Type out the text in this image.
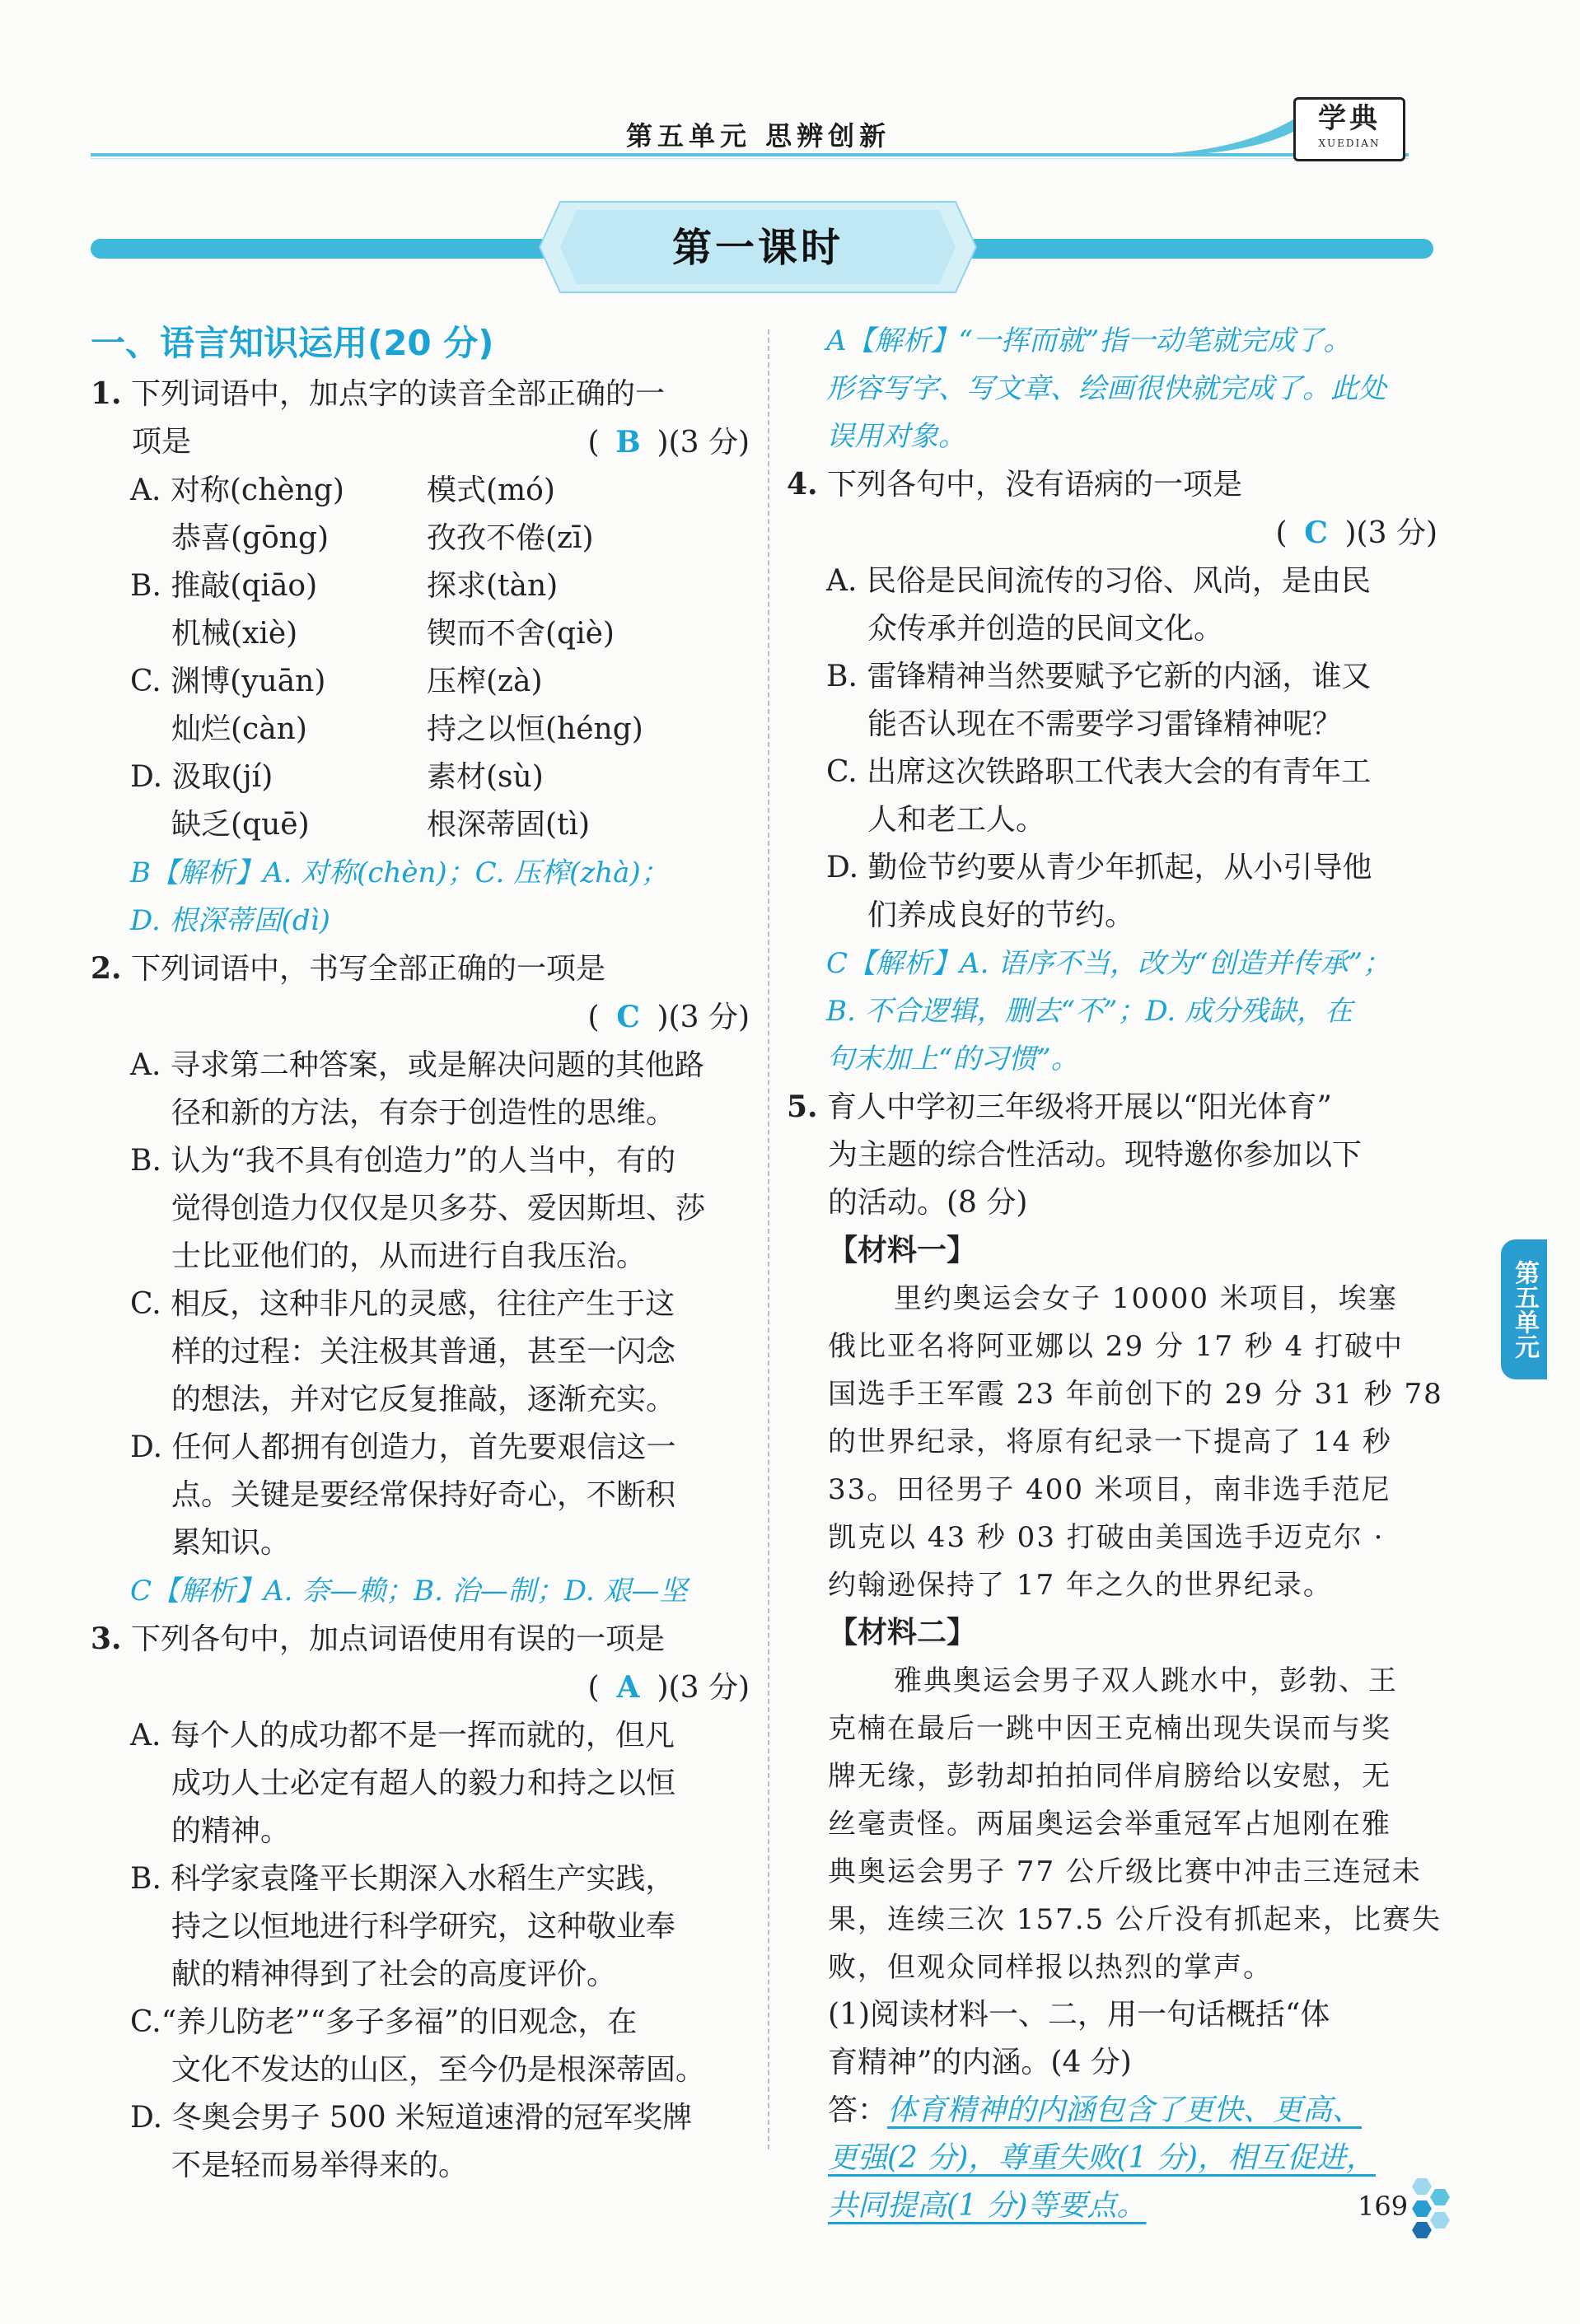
第五单元 思辨创新
学典
XUEDIAN
第一课时
一、语言知识运用(20 分)
1. 下列词语中，加点字的读音全部正确的一
项是	( B )(3 分)
A. 对称(chèng)	模式(mó)
恭喜(gōng)	孜孜不倦(zī)
B. 推敲(qiāo)	探求(tàn)
机械(xiè)	锲而不舍(qiè)
C. 渊博(yuān)	压榨(zà)
灿烂(càn)	持之以恒(héng)
D. 汲取(jí)	素材(sù)
缺乏(quē)	根深蒂固(tì)
B【解析】A. 对称(chèn)；C. 压榨(zhà)；
D. 根深蒂固(dì)
2. 下列词语中，书写全部正确的一项是
( C )(3 分)
A. 寻求第二种答案，或是解决问题的其他路
径和新的方法，有奈于创造性的思维。
B. 认为“我不具有创造力”的人当中，有的
觉得创造力仅仅是贝多芬、爱因斯坦、莎
士比亚他们的，从而进行自我压治。
C. 相反，这种非凡的灵感，往往产生于这
样的过程：关注极其普通，甚至一闪念
的想法，并对它反复推敲，逐渐充实。
D. 任何人都拥有创造力，首先要艰信这一
点。关键是要经常保持好奇心，不断积
累知识。
C【解析】A. 奈—赖；B. 治—制；D. 艰—坚
3. 下列各句中，加点词语使用有误的一项是
( A )(3 分)
A. 每个人的成功都不是一挥而就的，但凡
成功人士必定有超人的毅力和持之以恒
的精神。
B. 科学家袁隆平长期深入水稻生产实践，
持之以恒地进行科学研究，这种敬业奉
献的精神得到了社会的高度评价。
C.“养儿防老”“多子多福”的旧观念，在
文化不发达的山区，至今仍是根深蒂固。
D. 冬奥会男子 500 米短道速滑的冠军奖牌
不是轻而易举得来的。
A【解析】“一挥而就”指一动笔就完成了。
形容写字、写文章、绘画很快就完成了。此处
误用对象。
4. 下列各句中，没有语病的一项是
( C )(3 分)
A. 民俗是民间流传的习俗、风尚，是由民
众传承并创造的民间文化。
B. 雷锋精神当然要赋予它新的内涵，谁又
能否认现在不需要学习雷锋精神呢？
C. 出席这次铁路职工代表大会的有青年工
人和老工人。
D. 勤俭节约要从青少年抓起，从小引导他
们养成良好的节约。
C【解析】A. 语序不当，改为“创造并传承”；
B. 不合逻辑，删去“不”；D. 成分残缺，在
句末加上“的习惯”。
5. 育人中学初三年级将开展以“阳光体育”
为主题的综合性活动。现特邀你参加以下
的活动。(8 分)
【材料一】
里约奥运会女子 10000 米项目，埃塞
俄比亚名将阿亚娜以 29 分 17 秒 4 打破中
国选手王军霞 23 年前创下的 29 分 31 秒 78
的世界纪录，将原有纪录一下提高了 14 秒
33。田径男子 400 米项目，南非选手范尼
凯克以 43 秒 03 打破由美国选手迈克尔 ·
约翰逊保持了 17 年之久的世界纪录。
【材料二】
雅典奥运会男子双人跳水中，彭勃、王
克楠在最后一跳中因王克楠出现失误而与奖
牌无缘，彭勃却拍拍同伴肩膀给以安慰，无
丝毫责怪。两届奥运会举重冠军占旭刚在雅
典奥运会男子 77 公斤级比赛中冲击三连冠未
果，连续三次 157.5 公斤没有抓起来，比赛失
败，但观众同样报以热烈的掌声。
(1)阅读材料一、二，用一句话概括“体
育精神”的内涵。(4 分)
答：体育精神的内涵包含了更快、更高、
更强(2 分)，尊重失败(1 分)，相互促进，
共同提高(1 分)等要点。
第五单元
169
